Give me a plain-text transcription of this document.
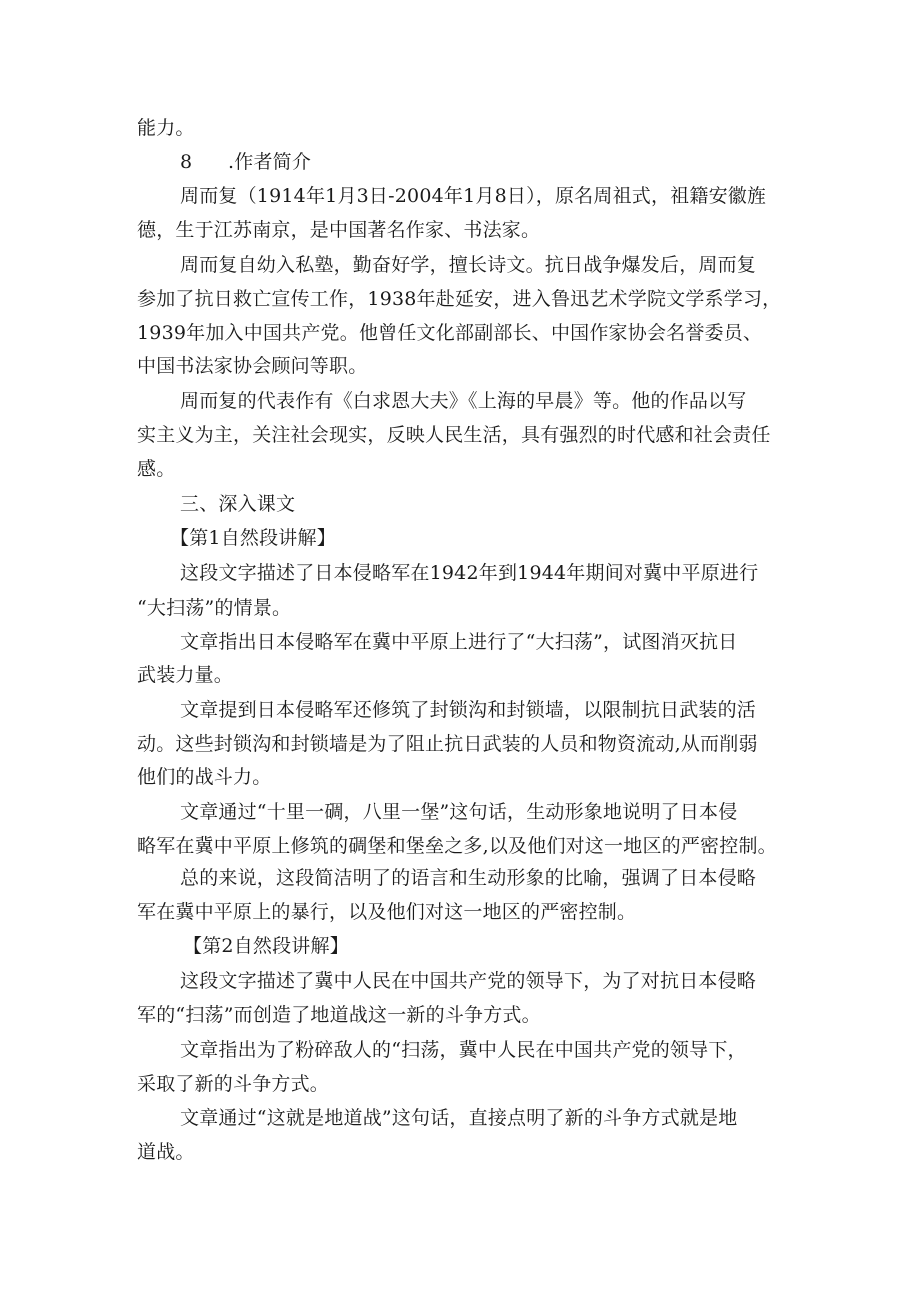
能力。
8 .作者简介
周而复（1914年1月3日-2004年1月8日），原名周祖式，祖籍安徽旌
德，生于江苏南京，是中国著名作家、书法家。
周而复自幼入私塾，勤奋好学，擅长诗文。抗日战争爆发后，周而复
参加了抗日救亡宣传工作，1938年赴延安，进入鲁迅艺术学院文学系学习，
1939年加入中国共产党。他曾任文化部副部长、中国作家协会名誉委员、
中国书法家协会顾问等职。
周而复的代表作有《白求恩大夫》《上海的早晨》等。他的作品以写
实主义为主，关注社会现实，反映人民生活，具有强烈的时代感和社会责任
感。
三、深入课文
【第1自然段讲解】
这段文字描述了日本侵略军在1942年到1944年期间对冀中平原进行
“大扫荡”的情景。
文章指出日本侵略军在冀中平原上进行了“大扫荡”，试图消灭抗日
武装力量。
文章提到日本侵略军还修筑了封锁沟和封锁墙，以限制抗日武装的活
动。这些封锁沟和封锁墙是为了阻止抗日武装的人员和物资流动,从而削弱
他们的战斗力。
文章通过“十里一碉，八里一堡”这句话，生动形象地说明了日本侵
略军在冀中平原上修筑的碉堡和堡垒之多,以及他们对这一地区的严密控制。
总的来说，这段简洁明了的语言和生动形象的比喻，强调了日本侵略
军在冀中平原上的暴行，以及他们对这一地区的严密控制。
【第2自然段讲解】
这段文字描述了冀中人民在中国共产党的领导下，为了对抗日本侵略
军的“扫荡”而创造了地道战这一新的斗争方式。
文章指出为了粉碎敌人的“扫荡，冀中人民在中国共产党的领导下，
采取了新的斗争方式。
文章通过“这就是地道战”这句话，直接点明了新的斗争方式就是地
道战。
